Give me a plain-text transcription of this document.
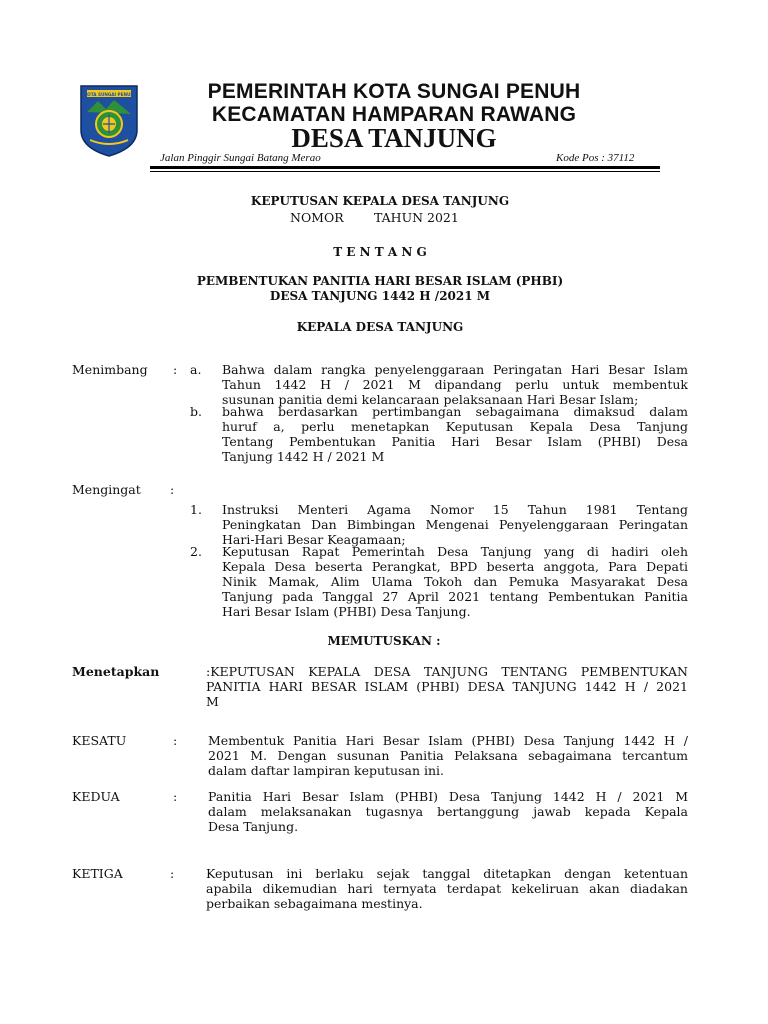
KOTA SUNGAI PENUH	PEMERINTAH KOTA SUNGAI PENUH
KECAMATAN HAMPARAN RAWANG
DESA TANJUNG
Jalan Pinggir Sungai Batang Merao	Kode Pos : 37112
KEPUTUSAN KEPALA DESA TANJUNG
NOMOR TAHUN 2021
T E N T A N G
PEMBENTUKAN PANITIA HARI BESAR ISLAM (PHBI)
DESA TANJUNG 1442 H /2021 M
KEPALA DESA TANJUNG
Menimbang : a. Bahwa dalam rangka penyelenggaraan Peringatan Hari Besar Islam
Tahun 1442 H / 2021 M dipandang perlu untuk membentuk
susunan panitia demi kelancaraan pelaksanaan Hari Besar Islam;
b. bahwa berdasarkan pertimbangan sebagaimana dimaksud dalam
huruf a, perlu menetapkan Keputusan Kepala Desa Tanjung
Tentang Pembentukan Panitia Hari Besar Islam (PHBI) Desa
Tanjung 1442 H / 2021 M
Mengingat :
1. Instruksi Menteri Agama Nomor 15 Tahun 1981 Tentang
Peningkatan Dan Bimbingan Mengenai Penyelenggaraan Peringatan
Hari-Hari Besar Keagamaan;
2. Keputusan Rapat Pemerintah Desa Tanjung yang di hadiri oleh
Kepala Desa beserta Perangkat, BPD beserta anggota, Para Depati
Ninik Mamak, Alim Ulama Tokoh dan Pemuka Masyarakat Desa
Tanjung pada Tanggal 27 April 2021 tentang Pembentukan Panitia
Hari Besar Islam (PHBI) Desa Tanjung.
MEMUTUSKAN :
Menetapkan	:KEPUTUSAN KEPALA DESA TANJUNG TENTANG PEMBENTUKAN
PANITIA HARI BESAR ISLAM (PHBI) DESA TANJUNG 1442 H / 2021
M
KESATU	: Membentuk Panitia Hari Besar Islam (PHBI) Desa Tanjung 1442 H /
2021 M. Dengan susunan Panitia Pelaksana sebagaimana tercantum
dalam daftar lampiran keputusan ini.
KEDUA	: Panitia Hari Besar Islam (PHBI) Desa Tanjung 1442 H / 2021 M
dalam melaksanakan tugasnya bertanggung jawab kepada Kepala
Desa Tanjung.
KETIGA	:	Keputusan ini berlaku sejak tanggal ditetapkan dengan ketentuan
apabila dikemudian hari ternyata terdapat kekeliruan akan diadakan
perbaikan sebagaimana mestinya.
